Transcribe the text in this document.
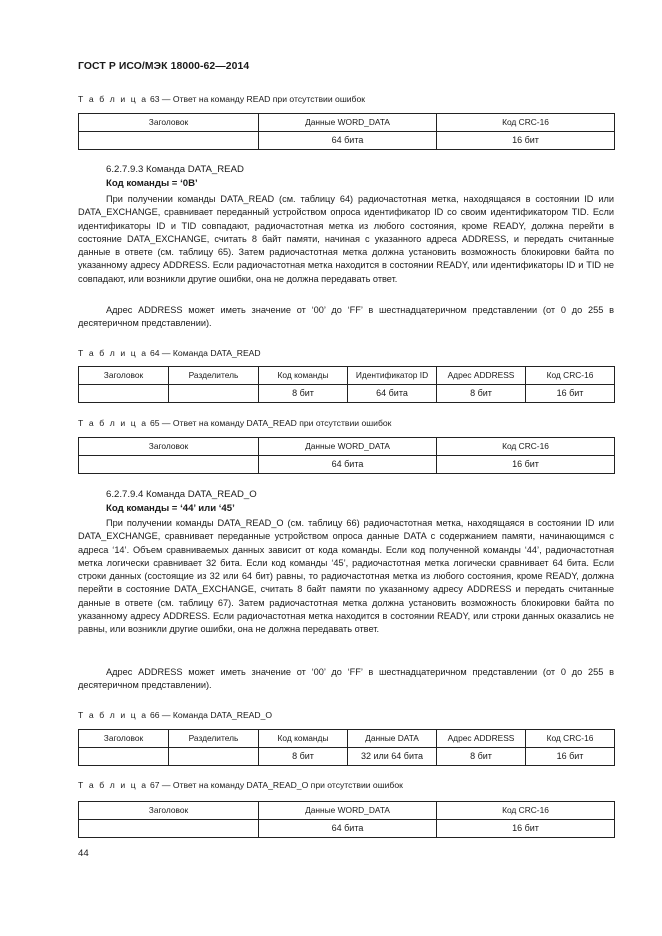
ГОСТ Р ИСО/МЭК 18000-62—2014
Т а б л и ц а 63 — Ответ на команду READ при отсутствии ошибок
Заголовок	Данные WORD_DATA	Код CRC-16
	64 бита	16 бит
6.2.7.9.3 Команда DATA_READ
Код команды = ‘0B’

При получении команды DATA_READ (см. таблицу 64) радиочастотная метка, находящаяся в состоянии ID или DATA_EXCHANGE, сравнивает переданный устройством опроса идентификатор ID со своим идентификатором TID. Если идентификаторы ID и TID совпадают, радиочастотная метка из любого состояния, кроме READY, должна перейти в состояние DATA_EXCHANGE, считать 8 байт памяти, начиная с указанного адреса ADDRESS, и передать считанные данные в ответе (см. таблицу 65). Затем радиочастотная метка должна установить возможность блокировки байта по указанному адресу ADDRESS. Если радиочастотная метка находится в состоянии READY, или идентификаторы ID и TID не совпадают, или возникли другие ошибки, она не должна передавать ответ.

Адрес ADDRESS может иметь значение от ‘00’ до ‘FF’ в шестнадцатеричном представлении (от 0 до 255 в десятеричном представлении).

Т а б л и ц а 64 — Команда DATA_READ
Заголовок	Разделитель	Код команды	Идентификатор ID	Адрес ADDRESS	Код CRC-16
		8 бит	64 бита	8 бит	16 бит
Т а б л и ц а 65 — Ответ на команду DATA_READ при отсутствии ошибок
Заголовок	Данные WORD_DATA	Код CRC-16
	64 бита	16 бит
6.2.7.9.4 Команда DATA_READ_O
Код команды = ‘44’ или ‘45’

При получении команды DATA_READ_O (см. таблицу 66) радиочастотная метка, находящаяся в состоянии ID или DATA_EXCHANGE, сравнивает переданные устройством опроса данные DATA с содержанием памяти, начинающимся с адреса ‘14’. Объем сравниваемых данных зависит от кода команды. Если код полученной команды ‘44’, радиочастотная метка логически сравнивает 32 бита. Если код команды ‘45’, радиочастотная метка логически сравнивает 64 бита. Если строки данных (состоящие из 32 или 64 бит) равны, то радиочастотная метка из любого состояния, кроме READY, должна перейти в состояние DATA_EXCHANGE, считать 8 байт памяти по указанному адресу ADDRESS и передать считанные данные в ответе (см. таблицу 67). Затем радиочастотная метка должна установить возможность блокировки байта по указанному адресу ADDRESS. Если радиочастотная метка находится в состоянии READY, или строки данных оказались не равны, или возникли другие ошибки, она не должна передавать ответ.

Адрес ADDRESS может иметь значение от ‘00’ до ‘FF’ в шестнадцатеричном представлении (от 0 до 255 в десятеричном представлении).

Т а б л и ц а 66 — Команда DATA_READ_O
Заголовок	Разделитель	Код команды	Данные DATA	Адрес ADDRESS	Код CRC-16
		8 бит	32 или 64 бита	8 бит	16 бит
Т а б л и ц а 67 — Ответ на команду DATA_READ_O при отсутствии ошибок
Заголовок	Данные WORD_DATA	Код CRC-16
	64 бита	16 бит
44
